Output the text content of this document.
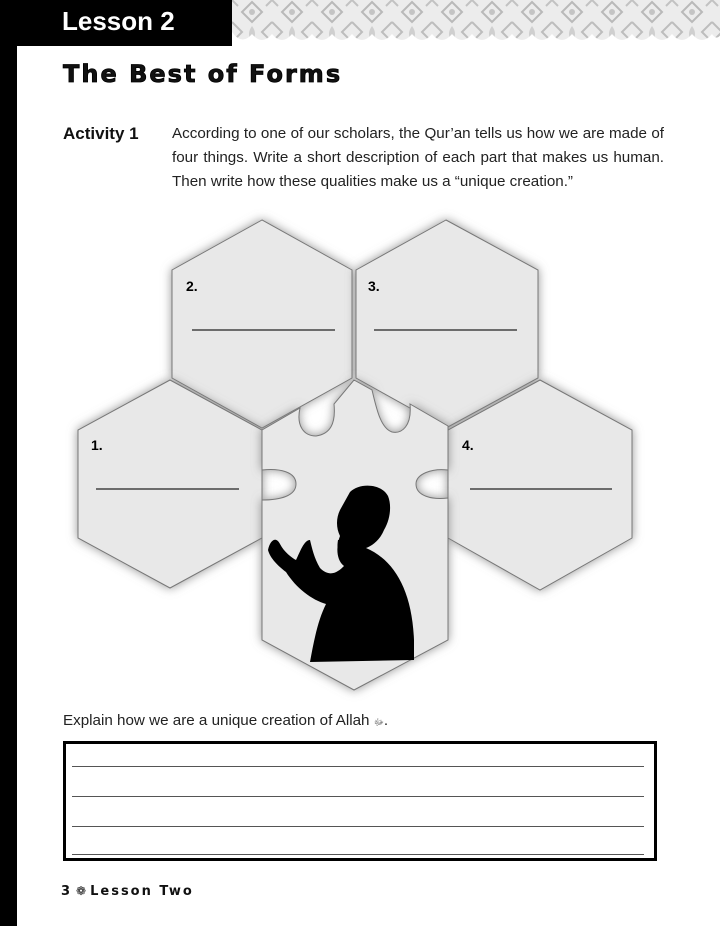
Lesson 2
The Best of Forms
Activity 1 According to one of our scholars, the Qur’an tells us how we are made of four things. Write a short description of each part that makes us human. Then write how these qualities make us a “unique creation.”

2.	3.
1.	4.
Explain how we are a unique creation of Allah ﷻ.
3 ❁ Lesson Two
